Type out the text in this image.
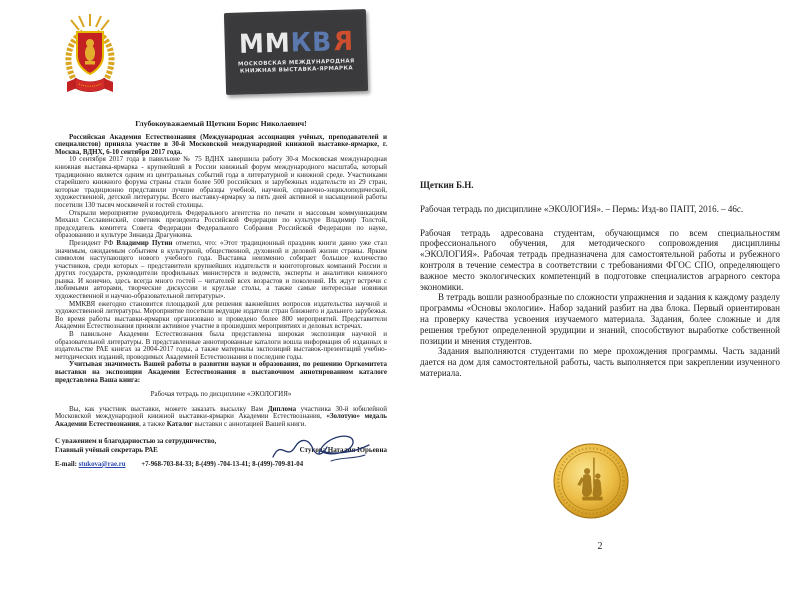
ММКВR
МОСКОВСКАЯ МЕЖДУНАРОДНАЯ
КНИЖНАЯ ВЫСТАВКА-ЯРМАРКА

Глубокоуважаемый Щеткин Борис Николаевич!

Российская Академия Естествознания (Международная ассоциация учёных, преподавателей и специалистов) приняла участие в 30-й Московской международной книжной выставке-ярмарке, г. Москва, ВДНХ, 6-10 сентября 2017 года.

10 сентября 2017 года в павильоне № 75 ВДНХ завершила работу 30-я Московская международная книжная выставка-ярмарка - крупнейший в России книжный форум международного масштаба, который традиционно является одним из центральных событий года в литературной и книжной среде. Участниками старейшего книжного форума страны стали более 500 российских и зарубежных издательств из 29 стран, которые традиционно представили лучшие образцы учебной, научной, справочно-энциклопедической, художественной, детской литературы. Всего выставку-ярмарку за пять дней активной и насыщенной работы посетили 130 тысяч москвичей и гостей столицы.

Открыли мероприятие руководитель Федерального агентства по печати и массовым коммуникациям Михаил Сеславинский, советник президента Российской Федерации по культуре Владимир Толстой, председатель комитета Совета Федерации Федерального Собрания Российской Федерации по науке, образованию и культуре Зинаида Драгункина.

Президент РФ Владимир Путин отметил, что: «Этот традиционный праздник книги давно уже стал значимым, ожидаемым событием в культурной, общественной, духовной и деловой жизни страны. Ярким символом наступающего нового учебного года. Выставка неизменно собирает большое количество участников, среди которых – представители крупнейших издательств и книготорговых компаний России и других государств, руководители профильных министерств и ведомств, эксперты и аналитики книжного рынка. И конечно, здесь всегда много гостей – читателей всех возрастов и поколений. Их ждут встречи с любимыми авторами, творческие дискуссии и круглые столы, а также самые интересные новинки художественной и научно-образовательной литературы».

ММКВЯ ежегодно становится площадкой для решения важнейших вопросов издательства научной и художественной литературы. Мероприятие посетили ведущие издатели стран ближнего и дальнего зарубежья. Во время работы выставки-ярмарки организовано и проведено более 800 мероприятий. Представители Академии Естествознания приняли активное участие в прошедших мероприятиях и деловых встречах.

В павильоне Академии Естествознания была представлена широкая экспозиция научной и образовательной литературы. В представленные аннотированные каталоги вошла информация об изданных в издательстве РАЕ книгах за 2004-2017 годы, а также материалы экспозиций выставок-презентаций учебно-методических изданий, проводимых Академией Естествознания в последние годы.

Учитывая значимость Вашей работы в развитии науки и образования, по решению Оргкомитета выставки на экспозиции Академии Естествознания в выставочном аннотированном каталоге представлена Ваша книга:

Рабочая тетрадь по дисциплине «ЭКОЛОГИЯ»

Вы, как участник выставки, можете заказать высылку Вам Диплома участника 30-й юбилейной Московской международной книжной выставки-ярмарки Академии Естествознания, «Золотую» медаль Академии Естествознания, а также Каталог выставки с аннотацией Вашей книги.

С уважением и благодарностью за сотрудничество,
Главный учёный секретарь РАЕ	Стукова Наталия Юрьевна
E-mail: stukova@rae.ru +7-968-703-84-33; 8-(499) -704-13-41; 8-(499)-709-81-04

Щеткин Б.Н.

Рабочая тетрадь по дисциплине «ЭКОЛОГИЯ». – Пермь: Изд-во ПАПТ, 2016. – 46с.

Рабочая тетрадь адресована студентам, обучающимся по всем специальностям профессионального обучения, для методического сопровождения дисциплины «ЭКОЛОГИЯ». Рабочая тетрадь предназначена для самостоятельной работы и рубежного контроля в течение семестра в соответствии с требованиями ФГОС СПО, определяющего важное место экологических компетенций в подготовке специалистов аграрного сектора экономики.

В тетрадь вошли разнообразные по сложности упражнения и задания к каждому разделу программы «Основы экологии». Набор заданий разбит на два блока. Первый ориентирован на проверку качества усвоения изучаемого материала. Задания, более сложные и для решения требуют определенной эрудиции и знаний, способствуют выработке собственной позиции и мнения студентов.

Задания выполняются студентами по мере прохождения программы. Часть заданий дается на дом для самостоятельной работы, часть выполняется при закреплении изученного материала.

2
